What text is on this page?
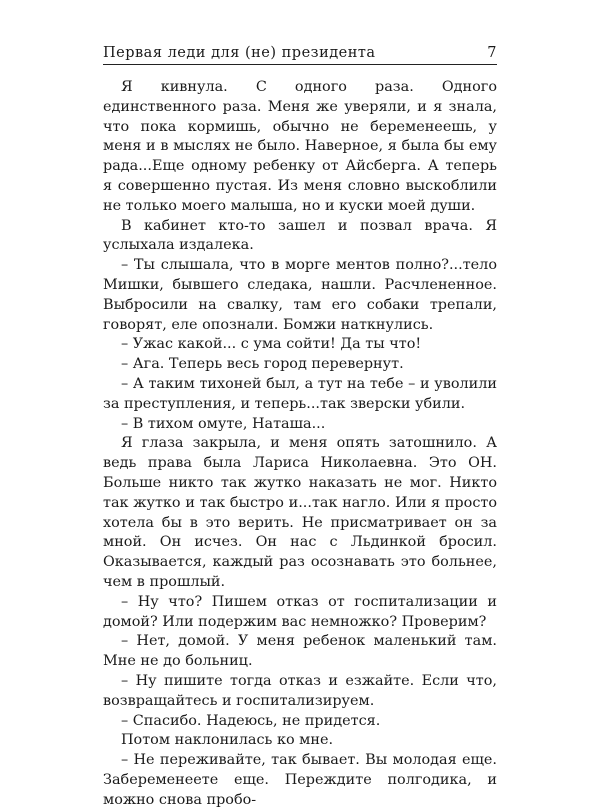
Первая леди для (не) президента	7

Я кивнула. С одного раза. Одного единственного раза. Меня же уверяли, и я знала, что пока кормишь, обычно не беременеешь, у меня и в мыслях не было. Наверное, я была бы ему рада...Еще одному ребенку от Айсберга. А теперь я совершенно пустая. Из меня словно выскоблили не только моего малыша, но и куски моей души.

В кабинет кто-то зашел и позвал врача. Я услыхала издалека.

– Ты слышала, что в морге ментов полно?...тело Мишки, бывшего следака, нашли. Расчлененное. Выбросили на свалку, там его собаки трепали, говорят, еле опознали. Бомжи наткнулись.

– Ужас какой... с ума сойти! Да ты что!

– Ага. Теперь весь город перевернут.

– А таким тихоней был, а тут на тебе – и уволили за преступления, и теперь...так зверски убили.

– В тихом омуте, Наташа...

Я глаза закрыла, и меня опять затошнило. А ведь права была Лариса Николаевна. Это ОН. Больше никто так жутко наказать не мог. Никто так жутко и так быстро и...так нагло. Или я просто хотела бы в это верить. Не присматривает он за мной. Он исчез. Он нас с Льдинкой бросил. Оказывается, каждый раз осознавать это больнее, чем в прошлый.

– Ну что? Пишем отказ от госпитализации и домой? Или подержим вас немножко? Проверим?

– Нет, домой. У меня ребенок маленький там. Мне не до больниц.

– Ну пишите тогда отказ и езжайте. Если что, возвращайтесь и госпитализируем.

– Спасибо. Надеюсь, не придется.

Потом наклонилась ко мне.

– Не переживайте, так бывает. Вы молодая еще. Забеременеете еще. Переждите полгодика, и можно снова пробо-
